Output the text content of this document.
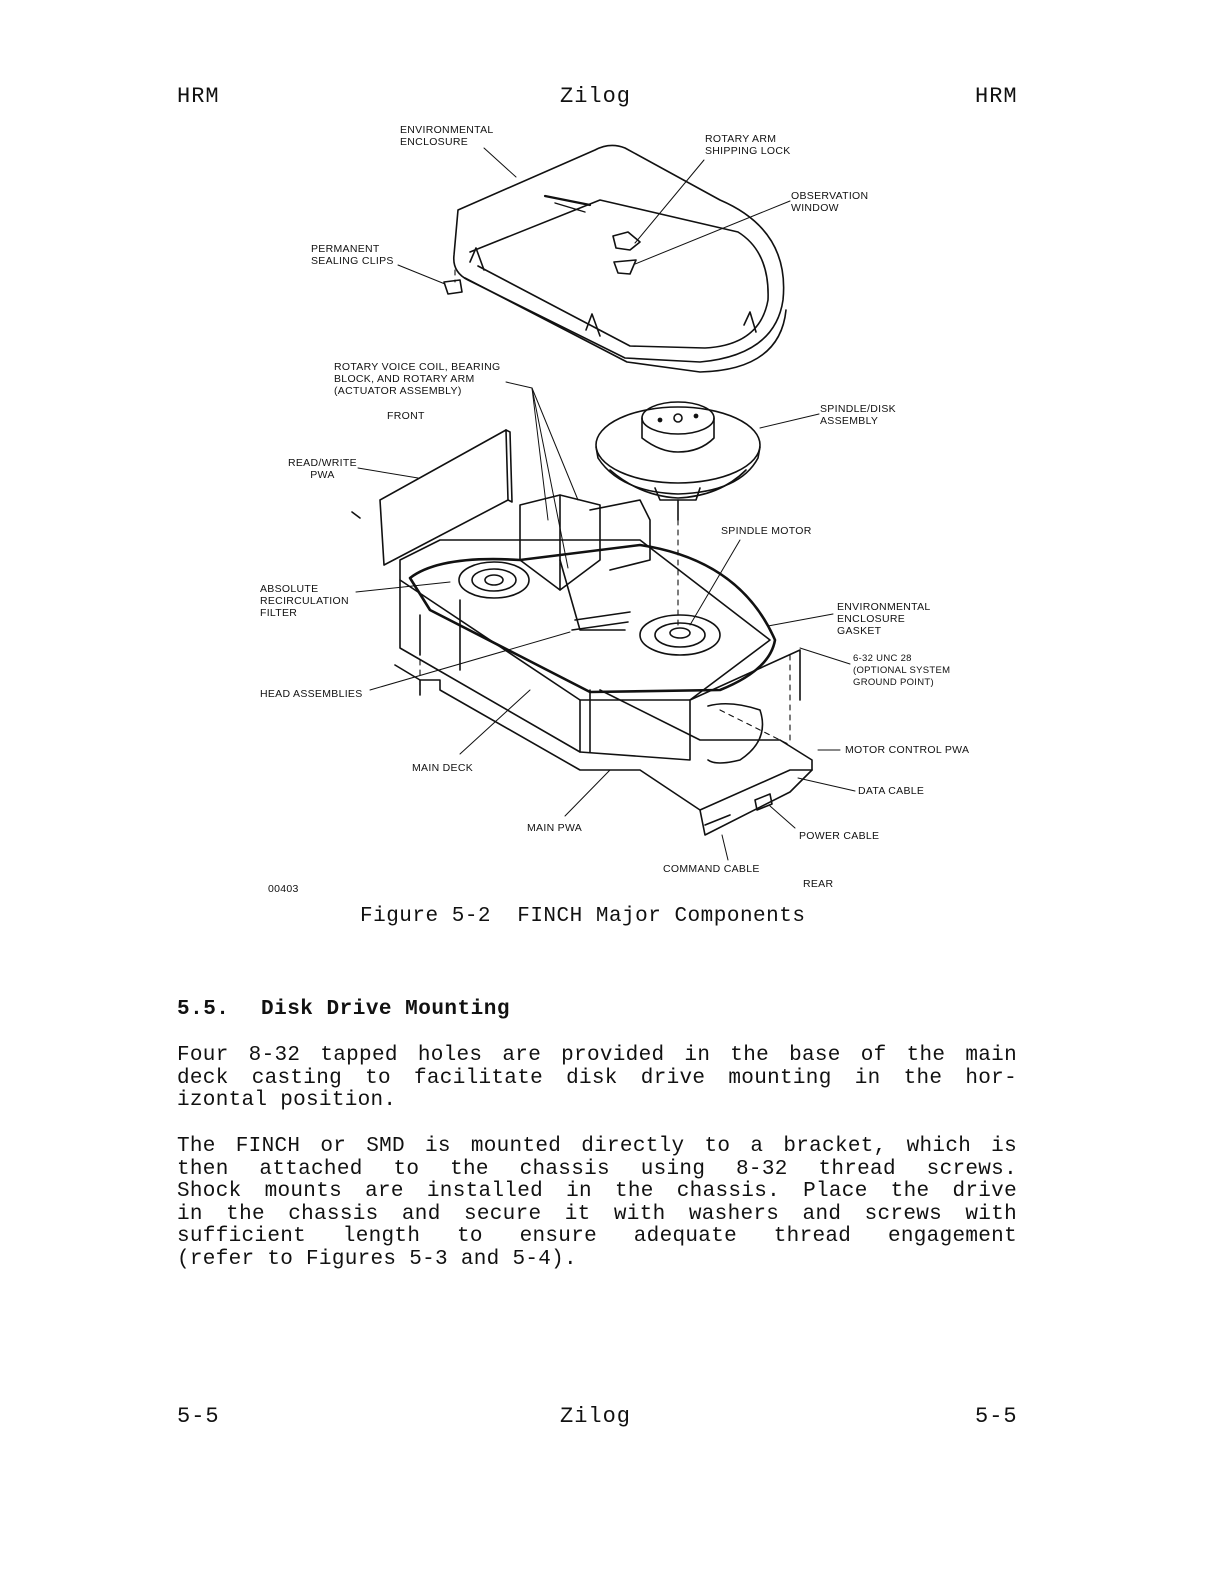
HRM	Zilog	HRM
ENVIRONMENTAL
ENCLOSURE	ROTARY ARM
SHIPPING LOCK
OBSERVATION
WINDOW
PERMANENT
SEALING CLIPS
ROTARY VOICE COIL, BEARING
BLOCK, AND ROTARY ARM
(ACTUATOR ASSEMBLY)
FRONT
SPINDLE/DISK
ASSEMBLY
READ/WRITE
PWA
SPINDLE MOTOR
ABSOLUTE
RECIRCULATION
FILTER	ENVIRONMENTAL
ENCLOSURE
GASKET
6-32 UNC 28
(OPTIONAL SYSTEM
GROUND POINT)
HEAD ASSEMBLIES
MOTOR CONTROL PWA
MAIN DECK
DATA CABLE
MAIN PWA
POWER CABLE
COMMAND CABLE
REAR
00403
Figure 5-2  FINCH Major Components
5.5. Disk Drive Mounting
Four 8-32 tapped holes are provided in the base of the main
deck casting to facilitate disk drive mounting in the hor-
izontal position.
The FINCH or SMD is mounted directly to a bracket, which is
then attached to the chassis using 8-32 thread screws.
Shock mounts are installed in the chassis. Place the drive
in the chassis and secure it with washers and screws with
sufficient length to ensure adequate thread engagement
(refer to Figures 5-3 and 5-4).
5-5	Zilog	5-5
